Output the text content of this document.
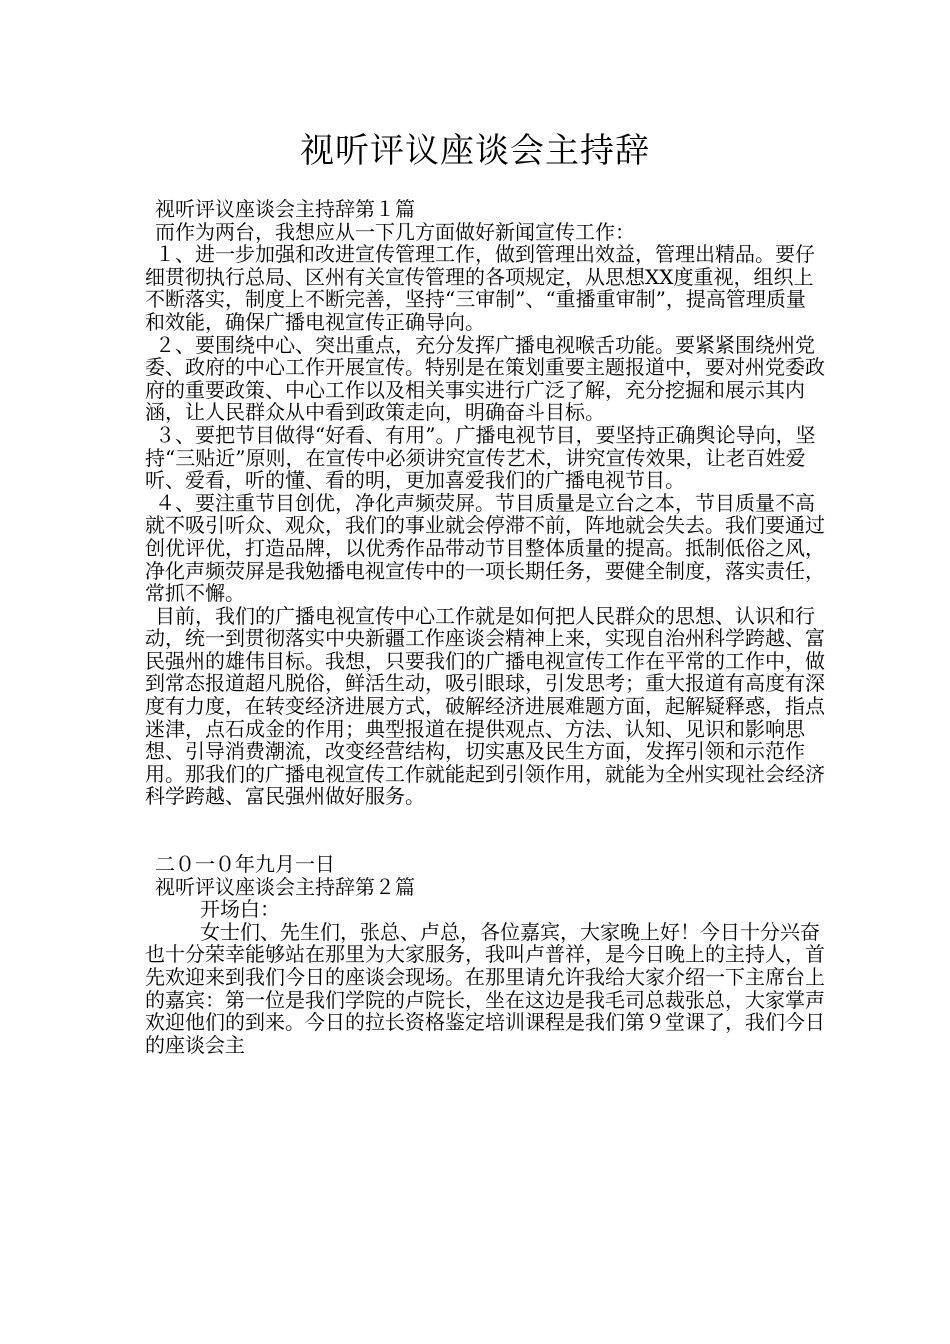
视听评议座谈会主持辞

视听评议座谈会主持辞第１篇

而作为两台，我想应从一下几方面做好新闻宣传工作：

１、进一步加强和改进宣传管理工作，做到管理出效益，管理出精品。要仔细贯彻执行总局、区州有关宣传管理的各项规定，从思想XX度重视，组织上不断落实，制度上不断完善，坚持“三审制”、“重播重审制”，提高管理质量和效能，确保广播电视宣传正确导向。

２、要围绕中心、突出重点，充分发挥广播电视喉舌功能。要紧紧围绕州党委、政府的中心工作开展宣传。特别是在策划重要主题报道中，要对州党委政府的重要政策、中心工作以及相关事实进行广泛了解，充分挖掘和展示其内涵，让人民群众从中看到政策走向，明确奋斗目标。

３、要把节目做得“好看、有用”。广播电视节目，要坚持正确舆论导向，坚持“三贴近”原则，在宣传中必须讲究宣传艺术，讲究宣传效果，让老百姓爱听、爱看，听的懂、看的明，更加喜爱我们的广播电视节目。

４、要注重节目创优，净化声频荧屏。节目质量是立台之本，节目质量不高就不吸引听众、观众，我们的事业就会停滞不前，阵地就会失去。我们要通过创优评优，打造品牌，以优秀作品带动节目整体质量的提高。抵制低俗之风，净化声频荧屏是我勉播电视宣传中的一项长期任务，要健全制度，落实责任，常抓不懈。

目前，我们的广播电视宣传中心工作就是如何把人民群众的思想、认识和行动，统一到贯彻落实中央新疆工作座谈会精神上来，实现自治州科学跨越、富民强州的雄伟目标。我想，只要我们的广播电视宣传工作在平常的工作中，做到常态报道超凡脱俗，鲜活生动，吸引眼球，引发思考；重大报道有高度有深度有力度，在转变经济进展方式，破解经济进展难题方面，起解疑释惑，指点迷津，点石成金的作用；典型报道在提供观点、方法、认知、见识和影响思想、引导消费潮流，改变经营结构，切实惠及民生方面，发挥引领和示范作用。那我们的广播电视宣传工作就能起到引领作用，就能为全州实现社会经济科学跨越、富民强州做好服务。

二０一０年九月一日

视听评议座谈会主持辞第２篇

开场白：

女士们、先生们，张总、卢总，各位嘉宾，大家晚上好！今日十分兴奋也十分荣幸能够站在那里为大家服务，我叫卢普祥，是今日晚上的主持人，首先欢迎来到我们今日的座谈会现场。在那里请允许我给大家介绍一下主席台上的嘉宾：第一位是我们学院的卢院长，坐在这边是我毛司总裁张总，大家掌声欢迎他们的到来。今日的拉长资格鉴定培训课程是我们第９堂课了，我们今日的座谈会主
